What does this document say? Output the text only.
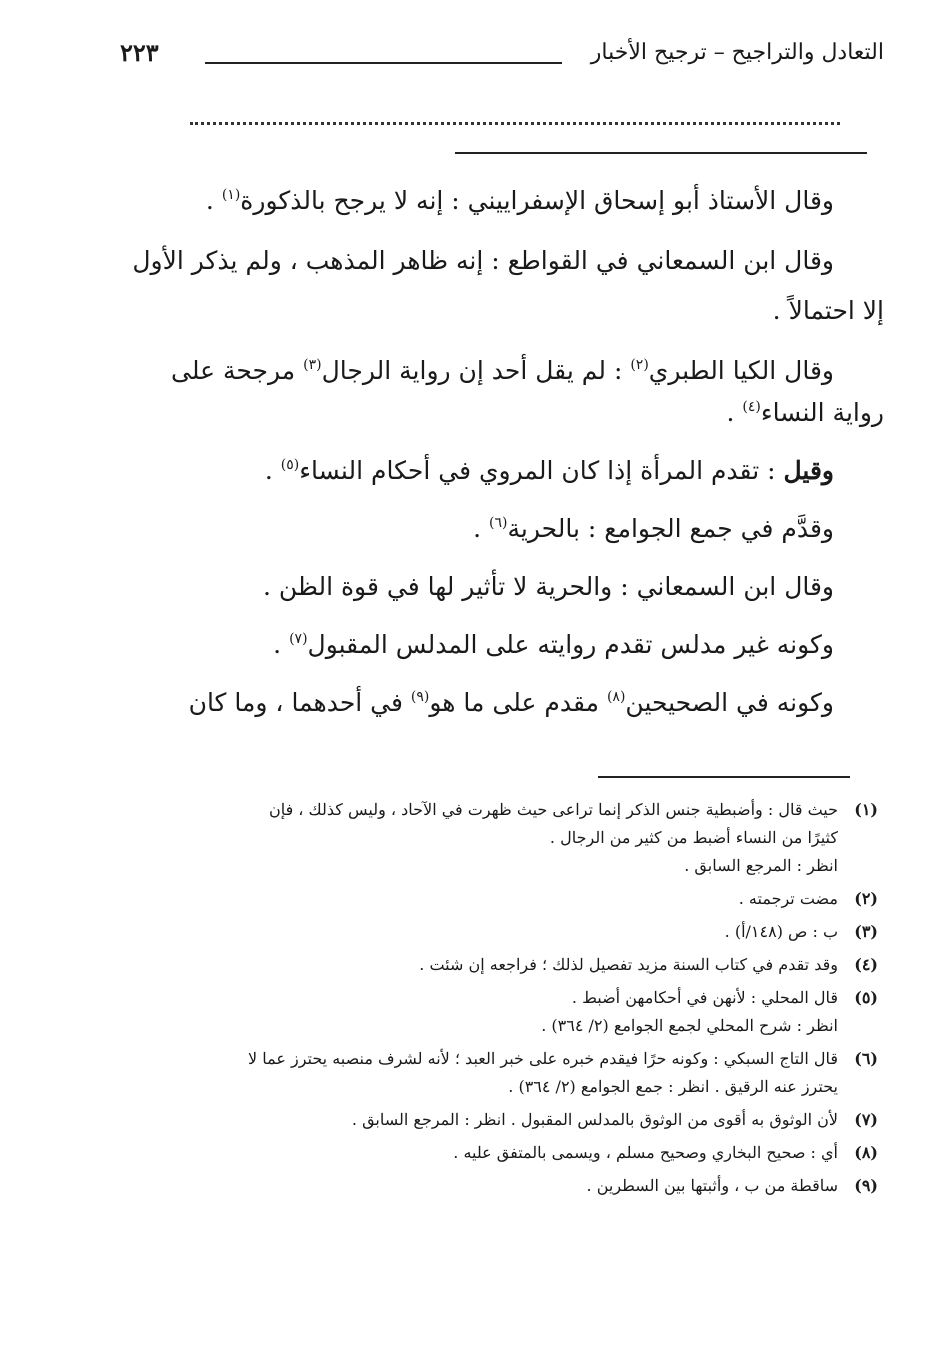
التعادل والتراجيح – ترجيح الأخبار
٢٢٣

وقال الأستاذ أبو إسحاق الإسفراييني : إنه لا يرجح بالذكورة$^{(١)}$ .

وقال ابن السمعاني في القواطع : إنه ظاهر المذهب ، ولم يذكر الأول

إلا احتمالاً .

وقال الكيا الطبري$^{(٢)}$ : لم يقل أحد إن رواية الرجال$^{(٣)}$ مرجحة على

رواية النساء$^{(٤)}$ .

وقيل : تقدم المرأة إذا كان المروي في أحكام النساء$^{(٥)}$ .

وقدَّم في جمع الجوامع : بالحرية$^{(٦)}$ .

وقال ابن السمعاني : والحرية لا تأثير لها في قوة الظن .

وكونه غير مدلس تقدم روايته على المدلس المقبول$^{(٧)}$ .

وكونه في الصحيحين$^{(٨)}$ مقدم على ما هو$^{(٩)}$ في أحدهما ، وما كان

(١)
حيث قال : وأضبطية جنس الذكر إنما تراعى حيث ظهرت في الآحاد ، وليس كذلك ، فإن
كثيرًا من النساء أضبط من كثير من الرجال .
انظر : المرجع السابق .
(٢)
مضت ترجمته .
(٣)
ب : ص (١٤٨/أ) .
(٤)
وقد تقدم في كتاب السنة مزيد تفصيل لذلك ؛ فراجعه إن شئت .
(٥)
قال المحلي : لأنهن في أحكامهن أضبط .
انظر : شرح المحلي لجمع الجوامع (٢/ ٣٦٤) .
(٦)
قال التاج السبكي : وكونه حرًا فيقدم خبره على خبر العبد ؛ لأنه لشرف منصبه يحترز عما لا
يحترز عنه الرقيق . انظر : جمع الجوامع (٢/ ٣٦٤) .
(٧)
لأن الوثوق به أقوى من الوثوق بالمدلس المقبول . انظر : المرجع السابق .
(٨)
أي : صحيح البخاري وصحيح مسلم ، ويسمى بالمتفق عليه .
(٩)
ساقطة من ب ، وأثبتها بين السطرين .
